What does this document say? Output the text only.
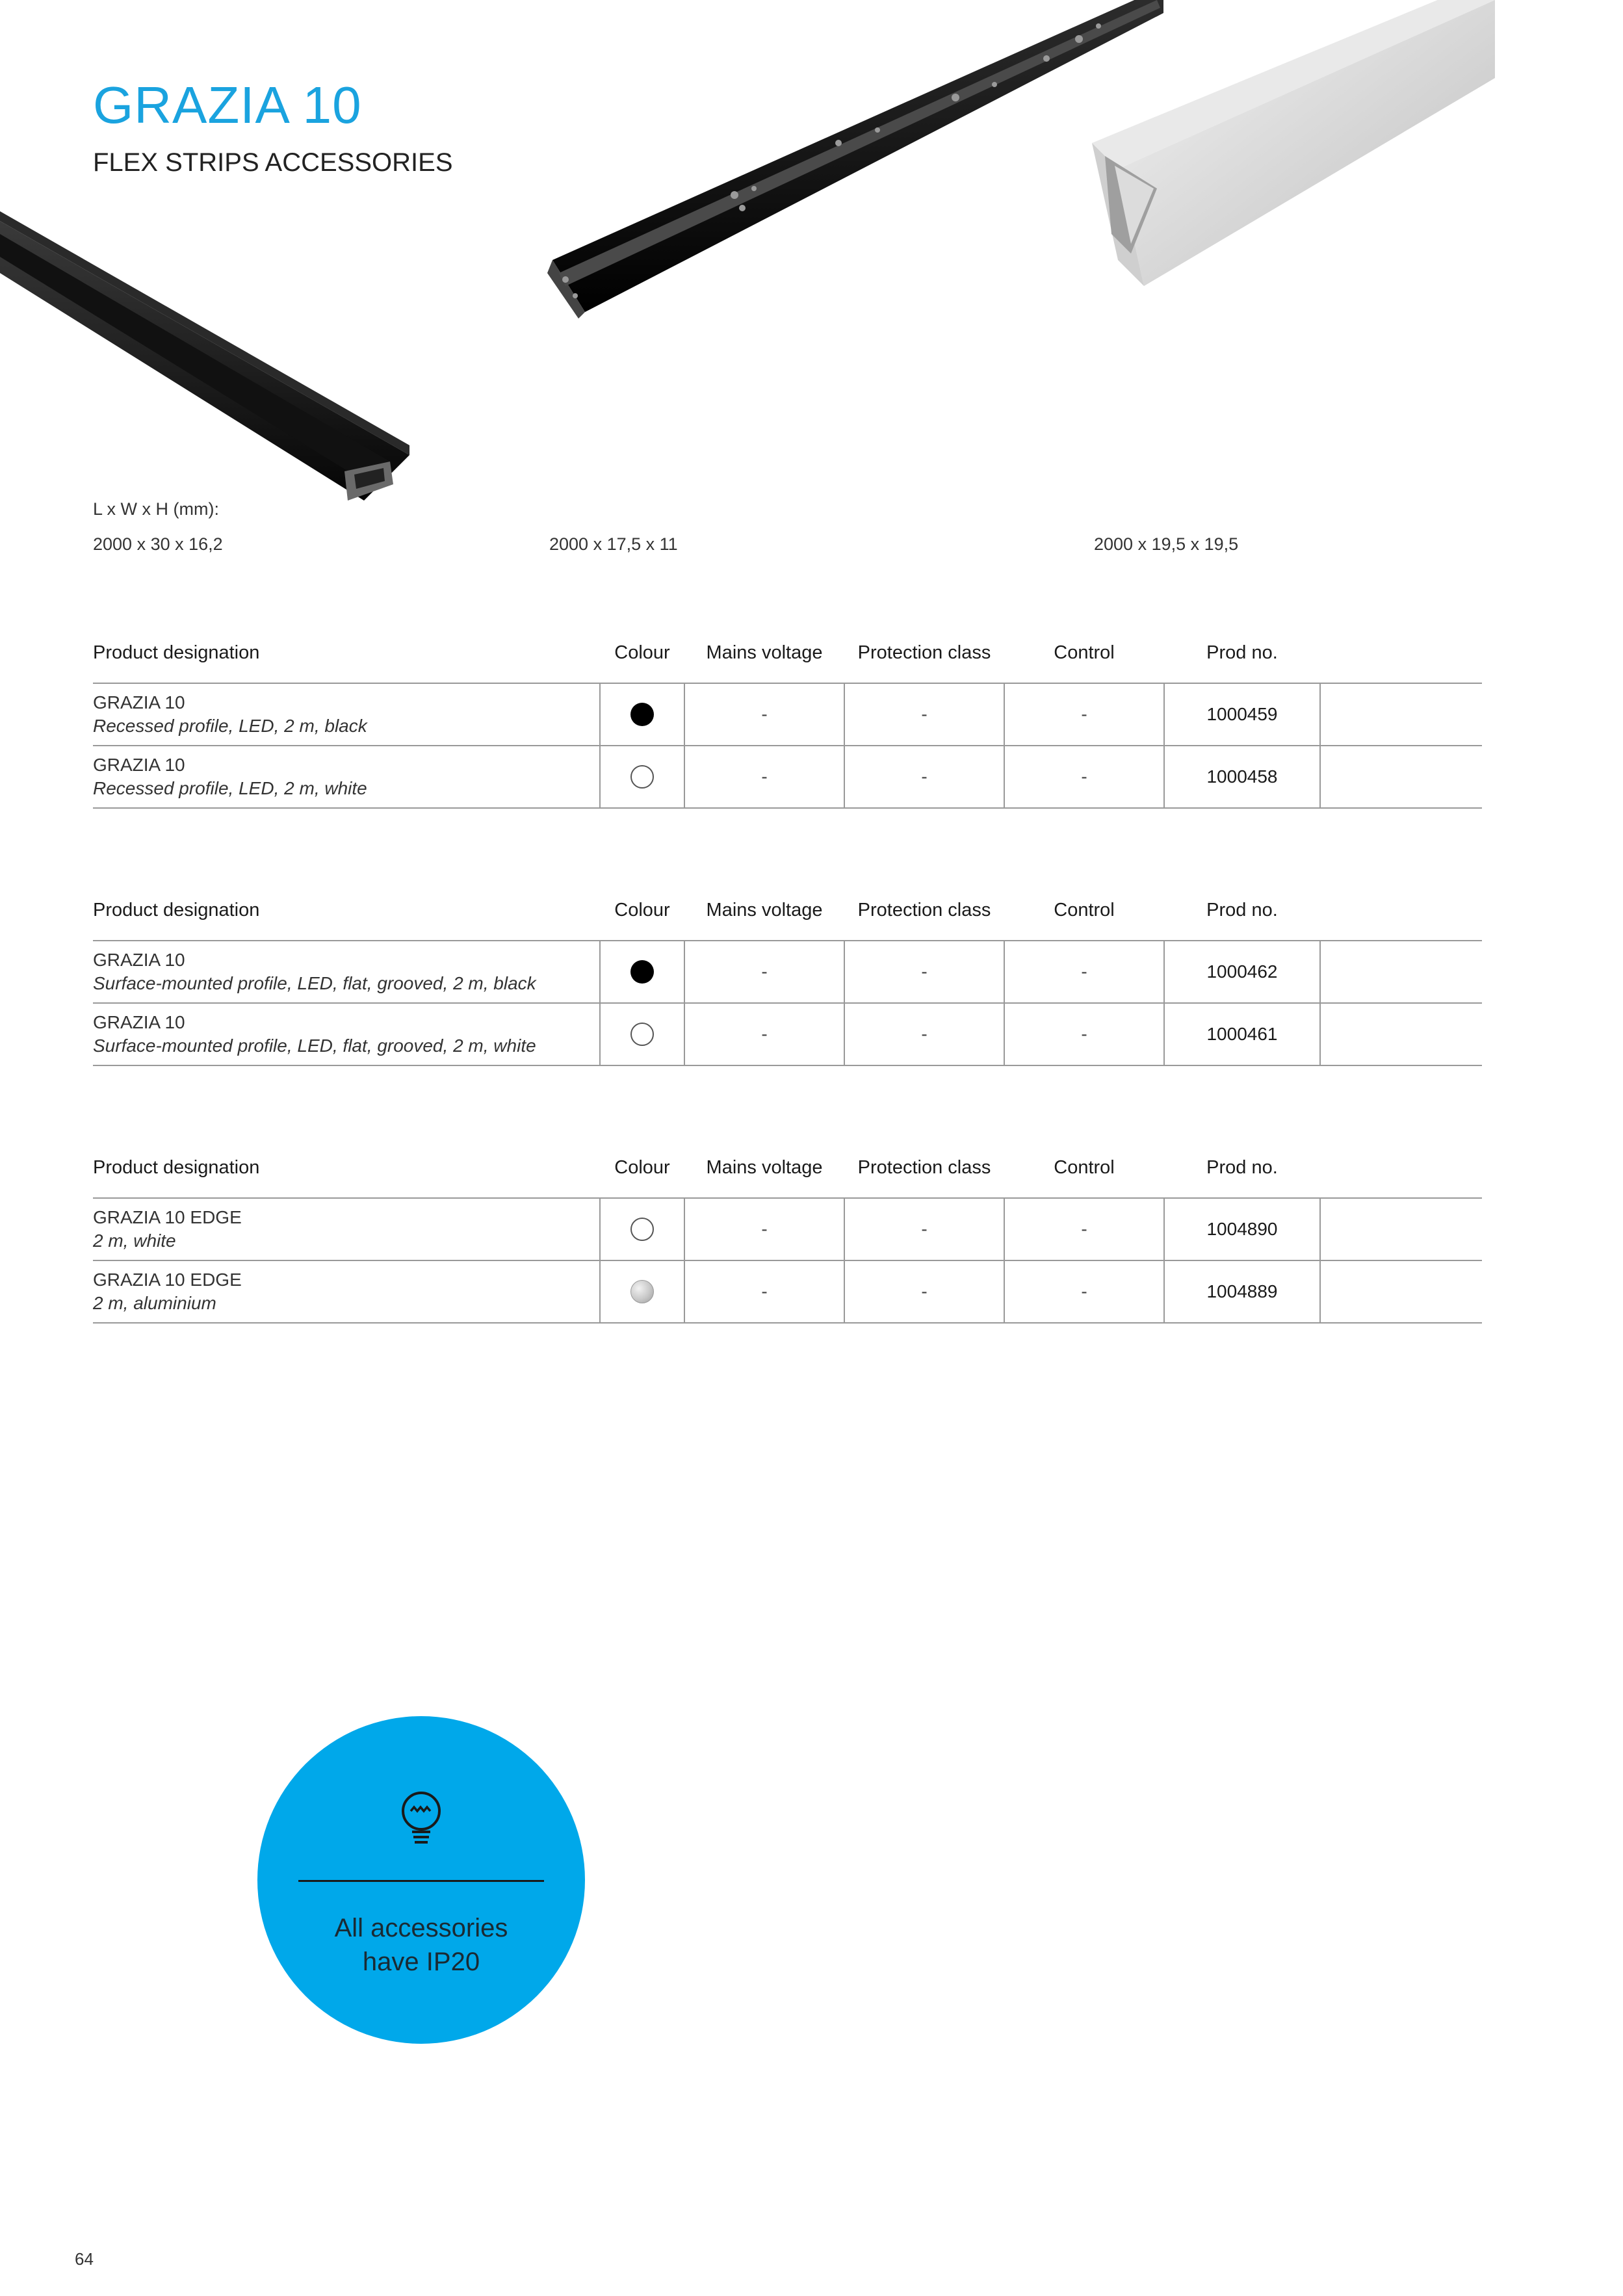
GRAZIA 10
FLEX STRIPS ACCESSORIES
L x W x H (mm):
2000 x 30 x 16,2	2000 x 17,5 x 11	2000 x 19,5 x 19,5
Product designation	Colour	Mains voltage	Protection class	Control	Prod no.	

GRAZIA 10
Recessed profile, LED, 2 m, black		-	-	-	1000459	

GRAZIA 10
Recessed profile, LED, 2 m, white		-	-	-	1000458	
Product designation	Colour	Mains voltage	Protection class	Control	Prod no.	

GRAZIA 10
Surface-mounted profile, LED, flat, grooved, 2 m, black		-	-	-	1000462	

GRAZIA 10
Surface-mounted profile, LED, flat, grooved, 2 m, white		-	-	-	1000461	
Product designation	Colour	Mains voltage	Protection class	Control	Prod no.	

GRAZIA 10 EDGE
2 m, white		-	-	-	1004890	

GRAZIA 10 EDGE
2 m, aluminium		-	-	-	1004889	
All accessories
have IP20
64
